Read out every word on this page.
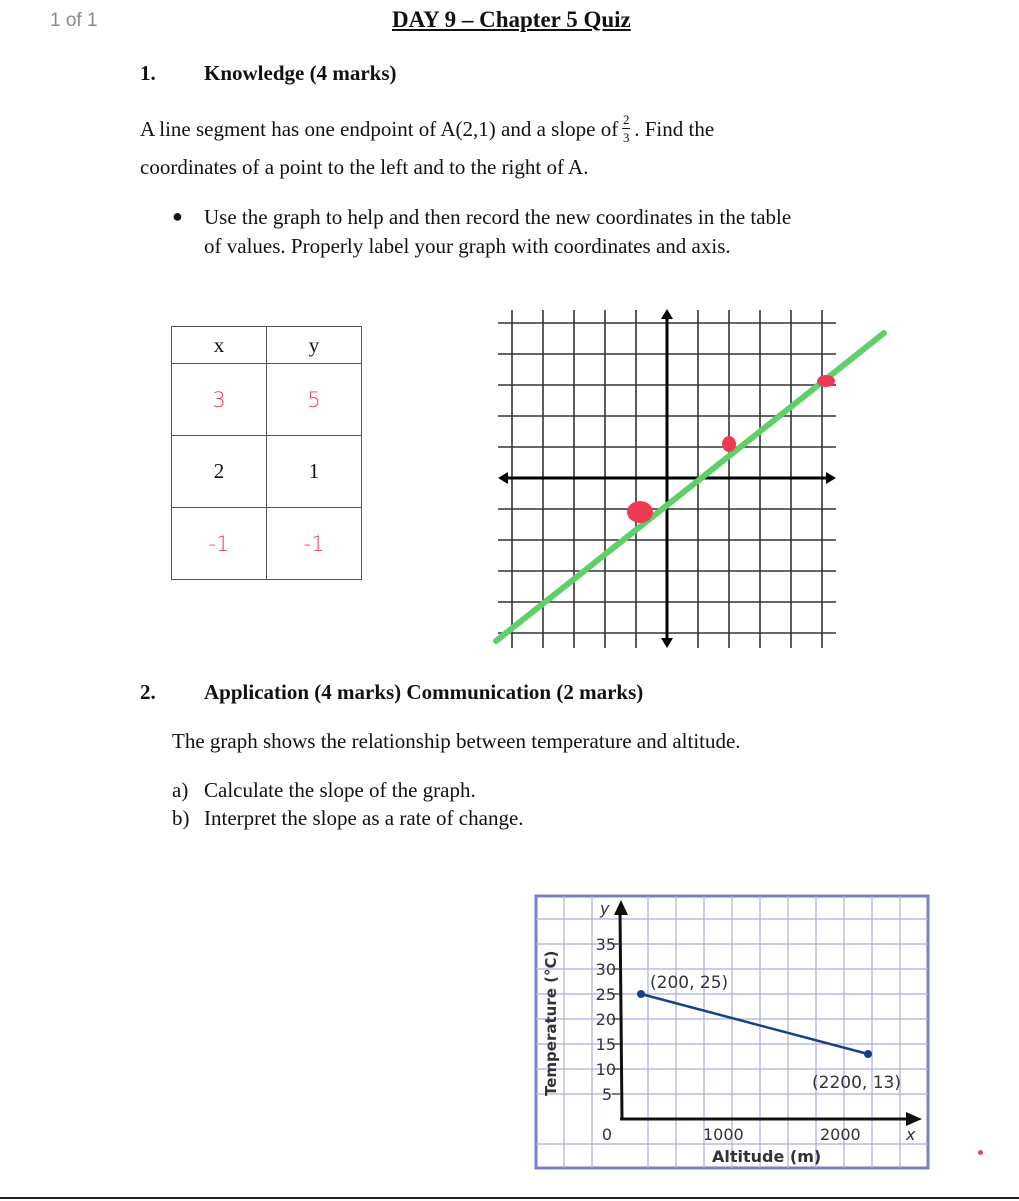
1 of 1	DAY 9 – Chapter 5 Quiz
1. Knowledge (4 marks)
A line segment has one endpoint of A(2,1) and a slope of $\frac{2}{3}$ . Find the
coordinates of a point to the left and to the right of A.
● Use the graph to help and then record the new coordinates in the table
of values. Properly label your graph with coordinates and axis.
x	y
3	5
2	1
-1	-1
2. Application (4 marks) Communication (2 marks)
The graph shows the relationship between temperature and altitude.
a) Calculate the slope of the graph.
b) Interpret the slope as a rate of change.
35
30
25
20
15
10
5
0	1000	2000	x
y
Altitude (m)
Temperature (°C)	(200, 25)
(2200, 13)
